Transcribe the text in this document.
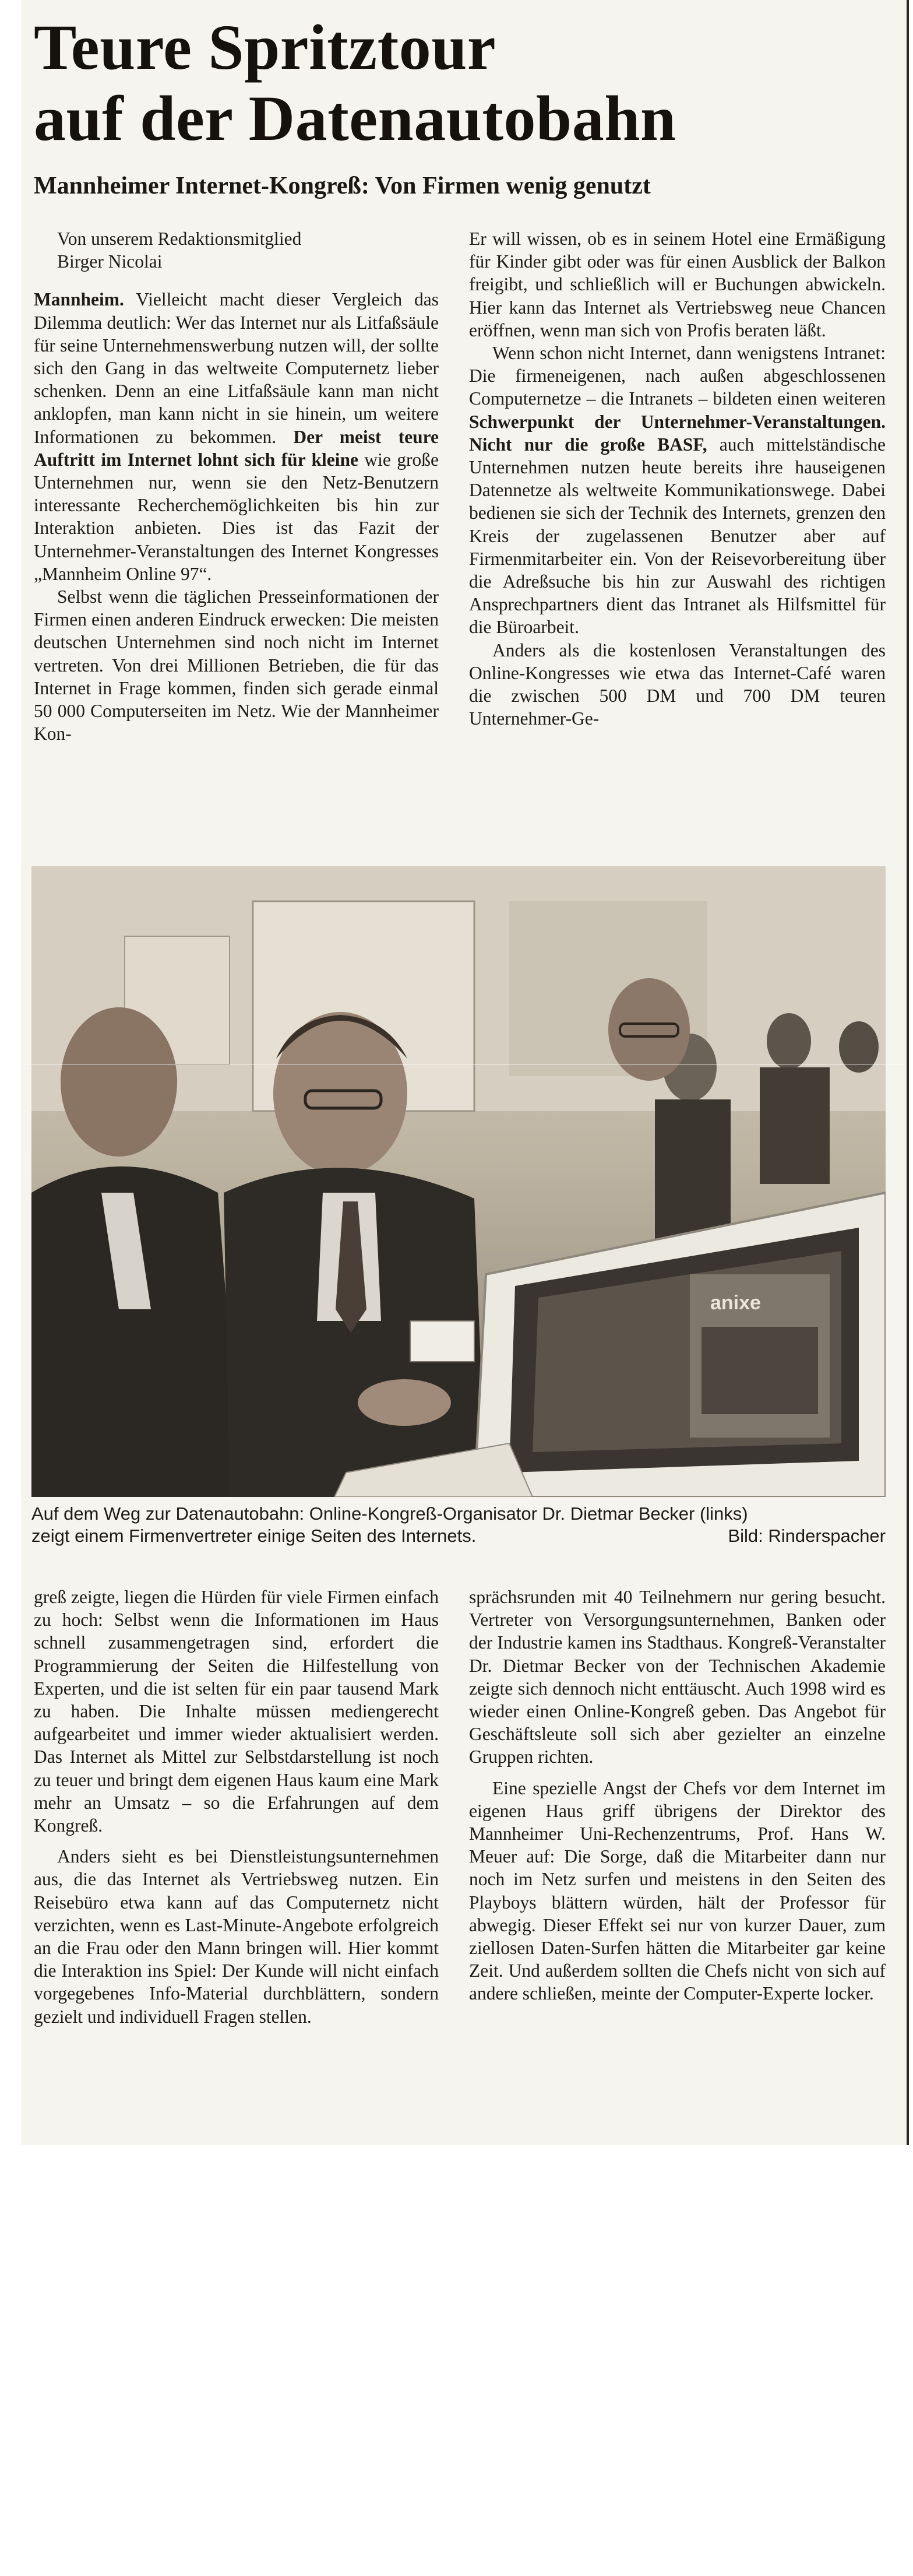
Teure Spritztour
auf der Datenautobahn
Mannheimer Internet-Kongreß: Von Firmen wenig genutzt

Von unserem Redaktionsmitglied
Birger Nicolai

Mannheim. Vielleicht macht dieser Vergleich das Dilemma deutlich: Wer das Internet nur als Litfaßsäule für seine Unternehmenswerbung nutzen will, der sollte sich den Gang in das weltweite Computernetz lieber schenken. Denn an eine Litfaßsäule kann man nicht anklopfen, man kann nicht in sie hinein, um weitere Informationen zu bekommen. Der meist teure Auftritt im Internet lohnt sich für kleine wie große Unternehmen nur, wenn sie den Netz-Benutzern interessante Recherchemöglichkeiten bis hin zur Interaktion anbieten. Dies ist das Fazit der Unternehmer-Veranstaltungen des Internet Kongresses „Mannheim Online 97“.

Selbst wenn die täglichen Presseinformationen der Firmen einen anderen Eindruck erwecken: Die meisten deutschen Unternehmen sind noch nicht im Internet vertreten. Von drei Millionen Betrieben, die für das Internet in Frage kommen, finden sich gerade einmal 50 000 Computerseiten im Netz. Wie der Mannheimer Kon-

Er will wissen, ob es in seinem Hotel eine Ermäßigung für Kinder gibt oder was für einen Ausblick der Balkon freigibt, und schließlich will er Buchungen abwickeln. Hier kann das Internet als Vertriebsweg neue Chancen eröffnen, wenn man sich von Profis beraten läßt.

Wenn schon nicht Internet, dann wenigstens Intranet: Die firmeneigenen, nach außen abgeschlossenen Computernetze – die Intranets – bildeten einen weiteren Schwerpunkt der Unternehmer-Veranstaltungen. Nicht nur die große BASF, auch mittelständische Unternehmen nutzen heute bereits ihre hauseigenen Datennetze als weltweite Kommunikationswege. Dabei bedienen sie sich der Technik des Internets, grenzen den Kreis der zugelassenen Benutzer aber auf Firmenmitarbeiter ein. Von der Reisevorbereitung über die Adreßsuche bis hin zur Auswahl des richtigen Ansprechpartners dient das Intranet als Hilfsmittel für die Büroarbeit.

Anders als die kostenlosen Veranstaltungen des Online-Kongresses wie etwa das Internet-Café waren die zwischen 500 DM und 700 DM teuren Unternehmer-Ge-

anixe
Auf dem Weg zur Datenautobahn: Online-Kongreß-Organisator Dr. Dietmar Becker (links)
zeigt einem Firmenvertreter einige Seiten des Internets.	Bild: Rinderspacher

greß zeigte, liegen die Hürden für viele Firmen einfach zu hoch: Selbst wenn die Informationen im Haus schnell zusammengetragen sind, erfordert die Programmierung der Seiten die Hilfestellung von Experten, und die ist selten für ein paar tausend Mark zu haben. Die Inhalte müssen mediengerecht aufgearbeitet und immer wieder aktualisiert werden. Das Internet als Mittel zur Selbstdarstellung ist noch zu teuer und bringt dem eigenen Haus kaum eine Mark mehr an Umsatz – so die Erfahrungen auf dem Kongreß.

Anders sieht es bei Dienstleistungsunternehmen aus, die das Internet als Vertriebsweg nutzen. Ein Reisebüro etwa kann auf das Computernetz nicht verzichten, wenn es Last-Minute-Angebote erfolgreich an die Frau oder den Mann bringen will. Hier kommt die Interaktion ins Spiel: Der Kunde will nicht einfach vorgegebenes Info-Material durchblättern, sondern gezielt und individuell Fragen stellen.

sprächsrunden mit 40 Teilnehmern nur gering besucht. Vertreter von Versorgungsunternehmen, Banken oder der Industrie kamen ins Stadthaus. Kongreß-Veranstalter Dr. Dietmar Becker von der Technischen Akademie zeigte sich dennoch nicht enttäuscht. Auch 1998 wird es wieder einen Online-Kongreß geben. Das Angebot für Geschäftsleute soll sich aber gezielter an einzelne Gruppen richten.

Eine spezielle Angst der Chefs vor dem Internet im eigenen Haus griff übrigens der Direktor des Mannheimer Uni-Rechenzentrums, Prof. Hans W. Meuer auf: Die Sorge, daß die Mitarbeiter dann nur noch im Netz surfen und meistens in den Seiten des Playboys blättern würden, hält der Professor für abwegig. Dieser Effekt sei nur von kurzer Dauer, zum ziellosen Daten-Surfen hätten die Mitarbeiter gar keine Zeit. Und außerdem sollten die Chefs nicht von sich auf andere schließen, meinte der Computer-Experte locker.
